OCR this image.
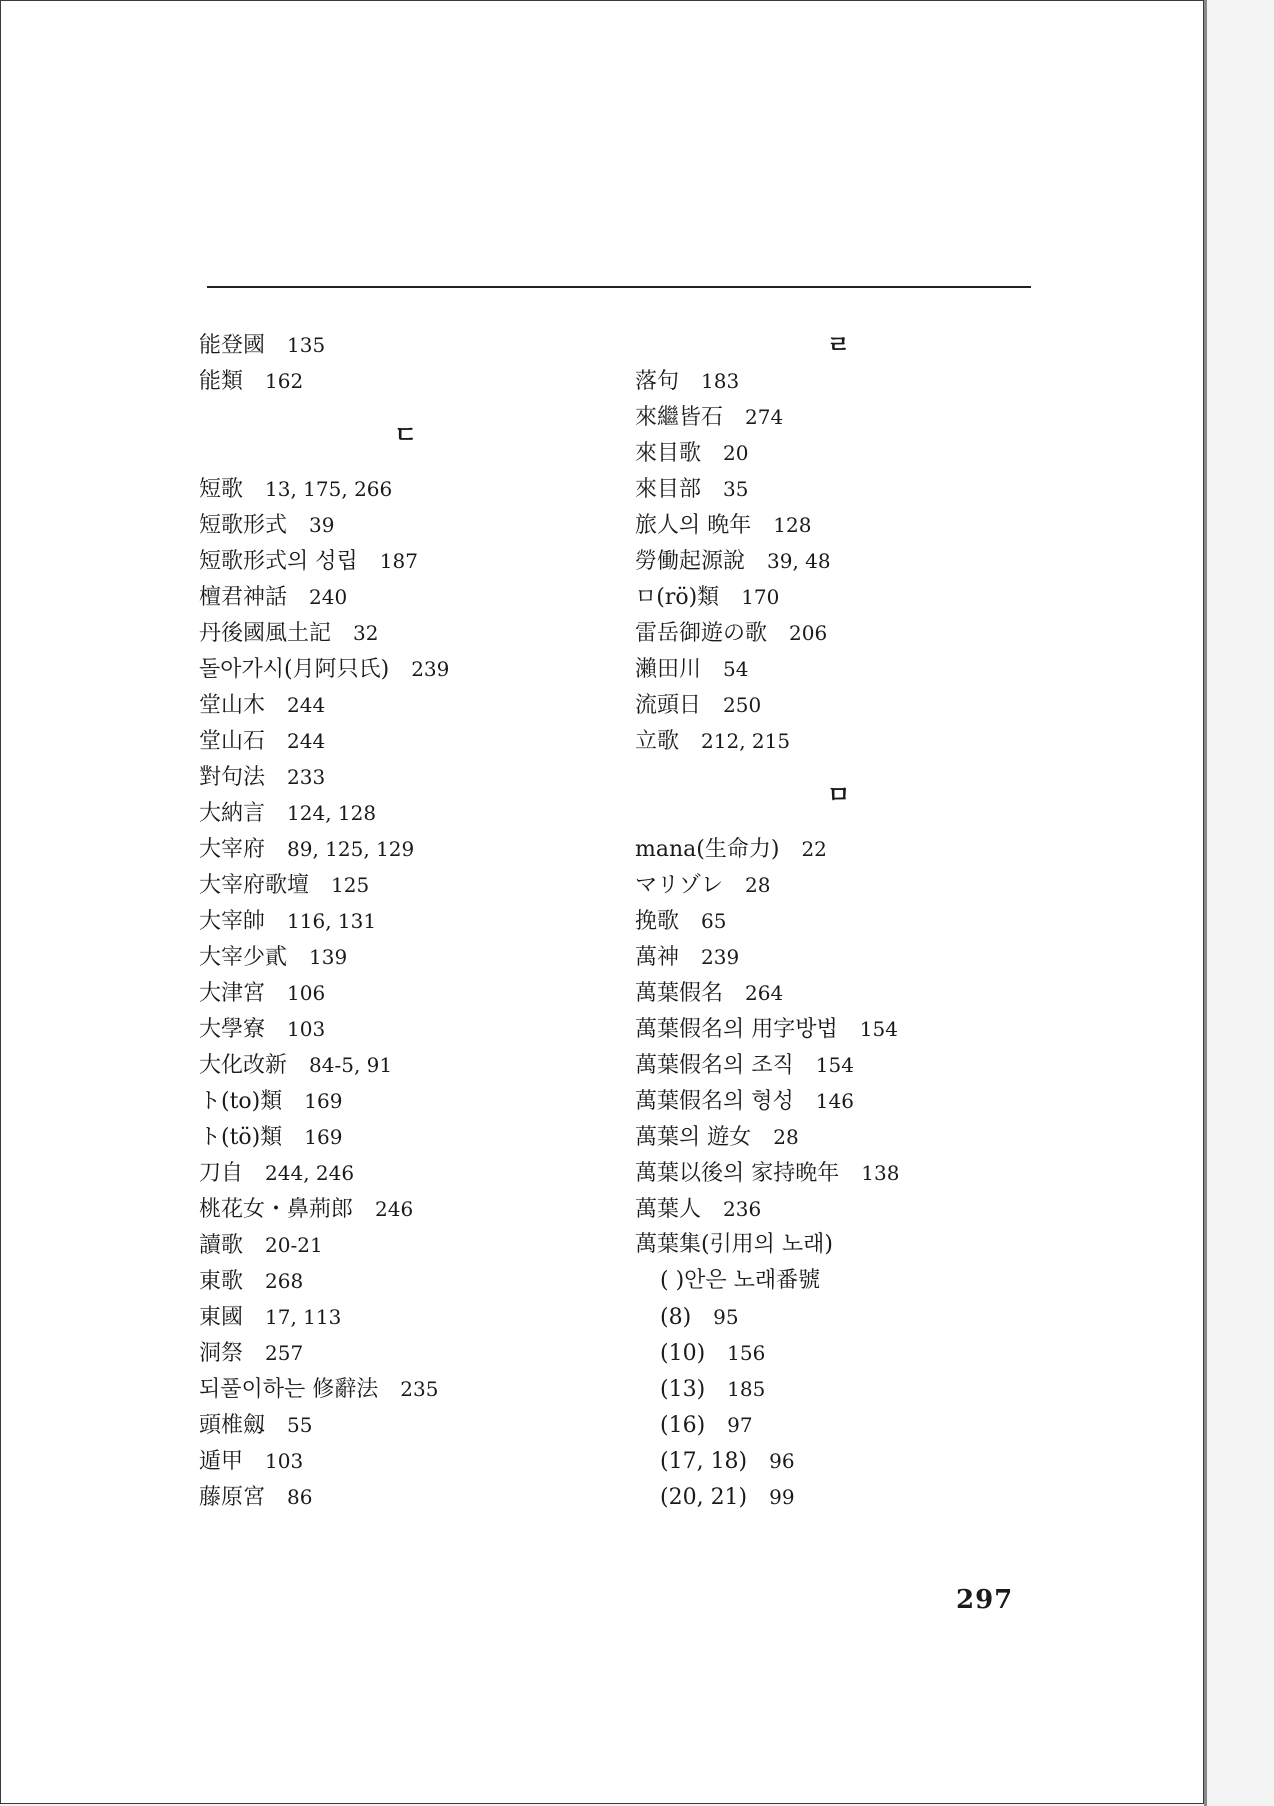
能登國 135
能類 162
ㄷ
短歌 13, 175, 266
短歌形式 39
短歌形式의 성립 187
檀君神話 240
丹後國風土記 32
돌아가시(月阿只氏) 239
堂山木 244
堂山石 244
對句法 233
大納言 124, 128
大宰府 89, 125, 129
大宰府歌壇 125
大宰帥 116, 131
大宰少貳 139
大津宮 106
大學寮 103
大化改新 84-5, 91
ト(to)類 169
ト(tö)類 169
刀自 244, 246
桃花女・鼻荊郎 246
讀歌 20-21
東歌 268
東國 17, 113
洞祭 257
되풀이하는 修辭法 235
頭椎劔 55
遁甲 103
藤原宮 86
ㄹ
落句 183
來繼皆石 274
來目歌 20
來目部 35
旅人의 晩年 128
勞働起源說 39, 48
ㅁ(rö)類 170
雷岳御遊の歌 206
瀨田川 54
流頭日 250
立歌 212, 215
ㅁ
mana(生命力) 22
マリゾレ 28
挽歌 65
萬神 239
萬葉假名 264
萬葉假名의 用字방법 154
萬葉假名의 조직 154
萬葉假名의 형성 146
萬葉의 遊女 28
萬葉以後의 家持晩年 138
萬葉人 236
萬葉集(引用의 노래)
( )안은 노래番號
(8) 95
(10) 156
(13) 185
(16) 97
(17, 18) 96
(20, 21) 99
297
